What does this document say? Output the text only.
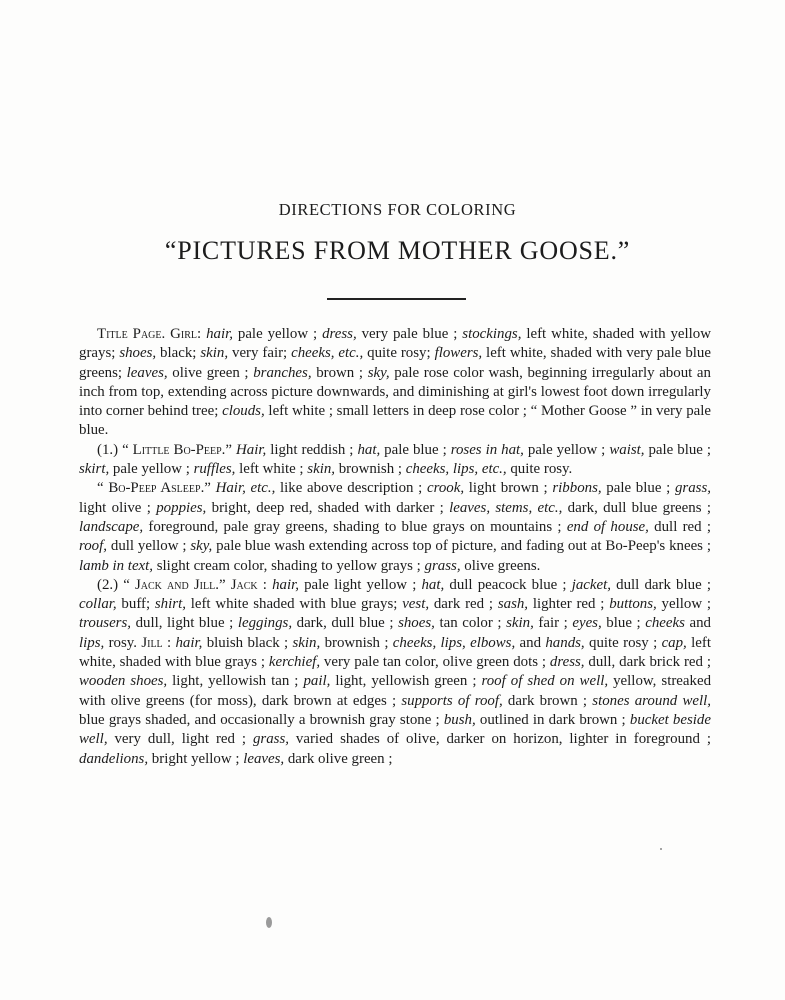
DIRECTIONS FOR COLORING
“PICTURES FROM MOTHER GOOSE.”

Title Page. Girl: hair, pale yellow ; dress, very pale blue ; stockings, left white, shaded with yellow grays; shoes, black; skin, very fair; cheeks, etc., quite rosy; flowers, left white, shaded with very pale blue greens; leaves, olive green ; branches, brown ; sky, pale rose color wash, beginning irregularly about an inch from top, extending across picture downwards, and diminishing at girl's lowest foot down irregularly into corner behind tree; clouds, left white ; small letters in deep rose color ; “ Mother Goose ” in very pale blue.

(1.) “ Little Bo-Peep.” Hair, light reddish ; hat, pale blue ; roses in hat, pale yellow ; waist, pale blue ; skirt, pale yellow ; ruffles, left white ; skin, brownish ; cheeks, lips, etc., quite rosy.

“ Bo-Peep Asleep.” Hair, etc., like above description ; crook, light brown ; ribbons, pale blue ; grass, light olive ; poppies, bright, deep red, shaded with darker ; leaves, stems, etc., dark, dull blue greens ; landscape, foreground, pale gray greens, shading to blue grays on mountains ; end of house, dull red ; roof, dull yellow ; sky, pale blue wash extending across top of picture, and fading out at Bo-Peep's knees ; lamb in text, slight cream color, shading to yellow grays ; grass, olive greens.

(2.) “ Jack and Jill.” Jack : hair, pale light yellow ; hat, dull peacock blue ; jacket, dull dark blue ; collar, buff; shirt, left white shaded with blue grays; vest, dark red ; sash, lighter red ; buttons, yellow ; trousers, dull, light blue ; leggings, dark, dull blue ; shoes, tan color ; skin, fair ; eyes, blue ; cheeks and lips, rosy. Jill : hair, bluish black ; skin, brownish ; cheeks, lips, elbows, and hands, quite rosy ; cap, left white, shaded with blue grays ; kerchief, very pale tan color, olive green dots ; dress, dull, dark brick red ; wooden shoes, light, yellowish tan ; pail, light, yellowish green ; roof of shed on well, yellow, streaked with olive greens (for moss), dark brown at edges ; supports of roof, dark brown ; stones around well, blue grays shaded, and occasionally a brownish gray stone ; bush, outlined in dark brown ; bucket beside well, very dull, light red ; grass, varied shades of olive, darker on horizon, lighter in foreground ; dandelions, bright yellow ; leaves, dark olive green ;
